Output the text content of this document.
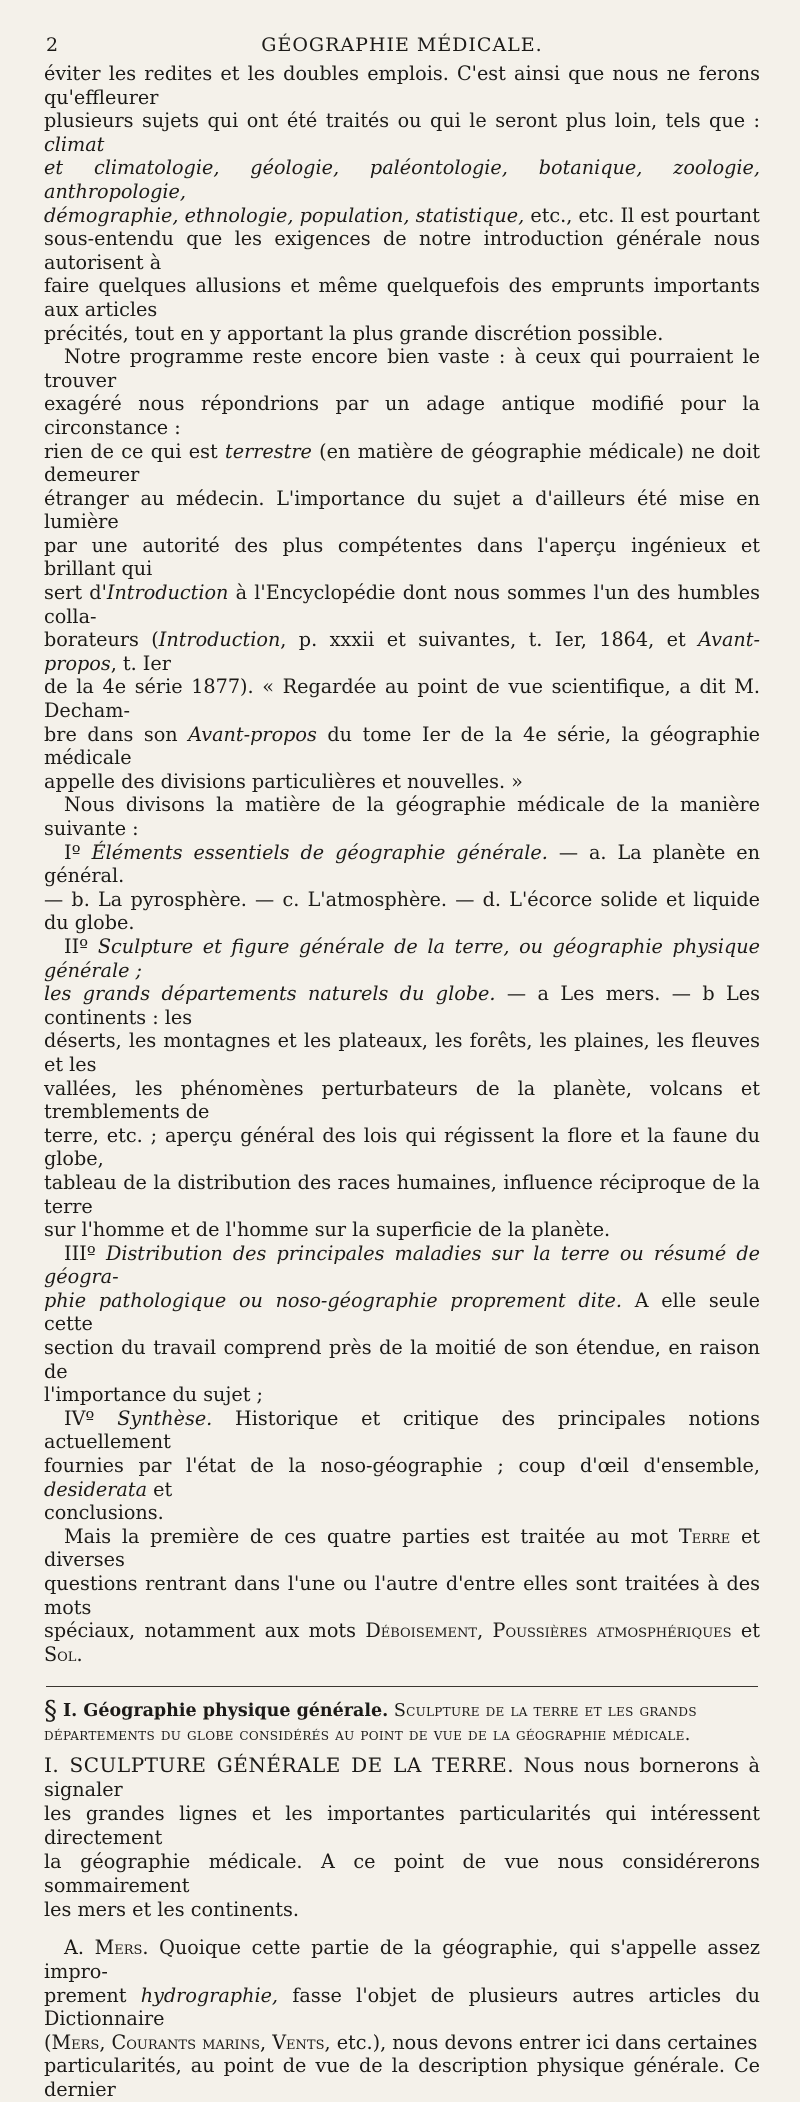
2	GÉOGRAPHIE MÉDICALE.

éviter les redites et les doubles emplois. C'est ainsi que nous ne ferons qu'effleurer
plusieurs sujets qui ont été traités ou qui le seront plus loin, tels que : climat
et climatologie, géologie, paléontologie, botanique, zoologie, anthropologie,
démographie, ethnologie, population, statistique, etc., etc. Il est pourtant
sous-entendu que les exigences de notre introduction générale nous autorisent à
faire quelques allusions et même quelquefois des emprunts importants aux articles
précités, tout en y apportant la plus grande discrétion possible.

Notre programme reste encore bien vaste : à ceux qui pourraient le trouver
exagéré nous répondrions par un adage antique modifié pour la circonstance :
rien de ce qui est terrestre (en matière de géographie médicale) ne doit demeurer
étranger au médecin. L'importance du sujet a d'ailleurs été mise en lumière
par une autorité des plus compétentes dans l'aperçu ingénieux et brillant qui
sert d'Introduction à l'Encyclopédie dont nous sommes l'un des humbles colla-
borateurs (Introduction, p. xxxii et suivantes, t. Ier, 1864, et Avant-propos, t. Ier
de la 4e série 1877). « Regardée au point de vue scientifique, a dit M. Decham-
bre dans son Avant-propos du tome Ier de la 4e série, la géographie médicale
appelle des divisions particulières et nouvelles. »

Nous divisons la matière de la géographie médicale de la manière suivante :

Iº Éléments essentiels de géographie générale. — a. La planète en général.
— b. La pyrosphère. — c. L'atmosphère. — d. L'écorce solide et liquide du globe.

IIº Sculpture et figure générale de la terre, ou géographie physique générale ;
les grands départements naturels du globe. — a Les mers. — b Les continents : les
déserts, les montagnes et les plateaux, les forêts, les plaines, les fleuves et les
vallées, les phénomènes perturbateurs de la planète, volcans et tremblements de
terre, etc. ; aperçu général des lois qui régissent la flore et la faune du globe,
tableau de la distribution des races humaines, influence réciproque de la terre
sur l'homme et de l'homme sur la superficie de la planète.

IIIº Distribution des principales maladies sur la terre ou résumé de géogra-
phie pathologique ou noso-géographie proprement dite. A elle seule cette
section du travail comprend près de la moitié de son étendue, en raison de
l'importance du sujet ;

IVº Synthèse. Historique et critique des principales notions actuellement
fournies par l'état de la noso-géographie ; coup d'œil d'ensemble, desiderata et
conclusions.

Mais la première de ces quatre parties est traitée au mot Terre et diverses
questions rentrant dans l'une ou l'autre d'entre elles sont traitées à des mots
spéciaux, notamment aux mots Déboisement, Poussières atmosphériques et Sol.

§ I. Géographie physique générale. Sculpture de la terre et les grands
départements du globe considérés au point de vue de la géographie médicale.
I. SCULPTURE GÉNÉRALE DE LA TERRE. Nous nous bornerons à signaler
les grandes lignes et les importantes particularités qui intéressent directement
la géographie médicale. A ce point de vue nous considérerons sommairement
les mers et les continents.

A. Mers. Quoique cette partie de la géographie, qui s'appelle assez impro-
prement hydrographie, fasse l'objet de plusieurs autres articles du Dictionnaire
(Mers, Courants marins, Vents, etc.), nous devons entrer ici dans certaines
particularités, au point de vue de la description physique générale. Ce dernier
